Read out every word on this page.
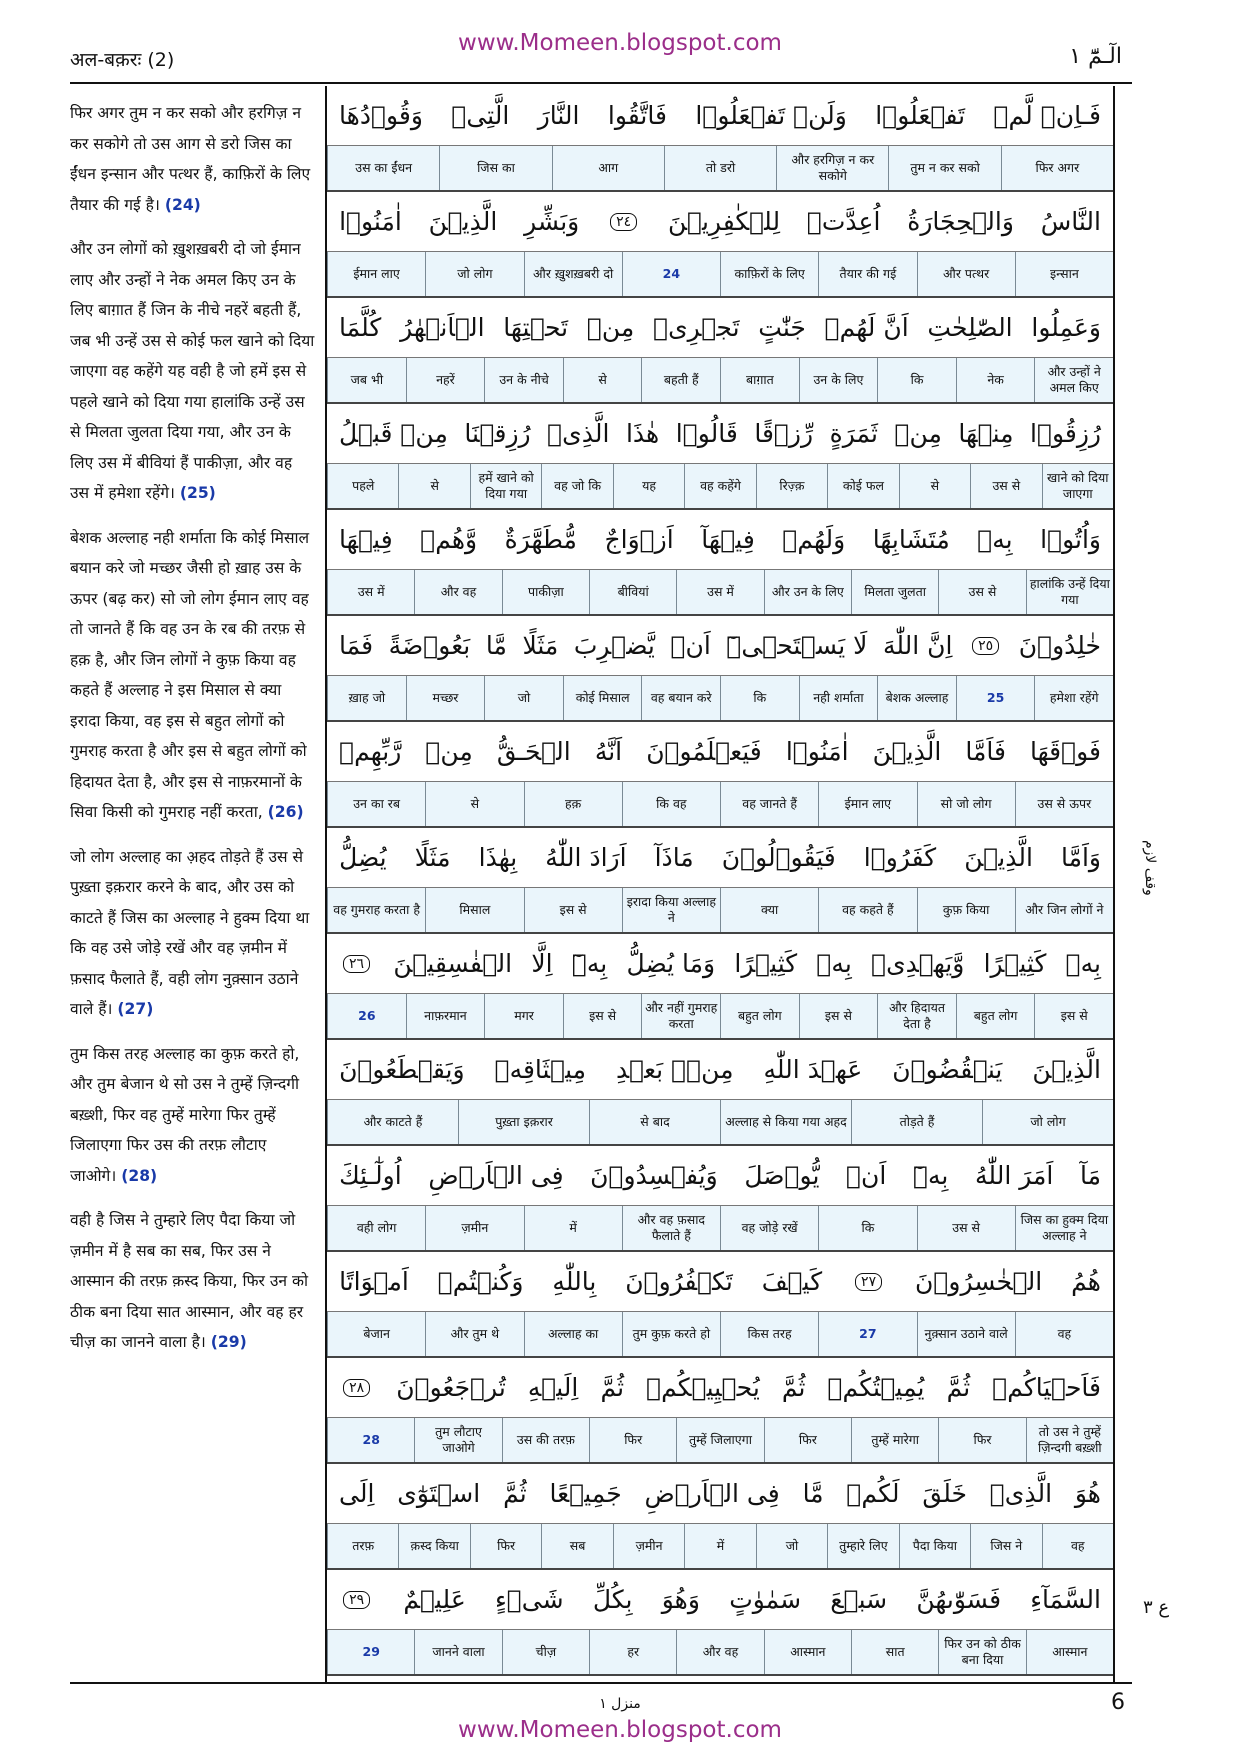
www.Momeen.blogspot.com
अल-बक़रः (2)	الٓـمّٓ ١

फिर अगर तुम न कर सको और हरगिज़ न कर सकोगे तो उस आग से डरो जिस का ईंधन इन्सान और पत्थर हैं, काफ़िरों के लिए तैयार की गई है। (24)

और उन लोगों को ख़ुशख़बरी दो जो ईमान लाए और उन्हों ने नेक अमल किए उन के लिए बाग़ात हैं जिन के नीचे नहरें बहती हैं, जब भी उन्हें उस से कोई फल खाने को दिया जाएगा वह कहेंगे यह वही है जो हमें इस से पहले खाने को दिया गया हालांकि उन्हें उस से मिलता जुलता दिया गया, और उन के लिए उस में बीवियां हैं पाकीज़ा, और वह उस में हमेशा रहेंगे। (25)

बेशक अल्लाह नही शर्माता कि कोई मिसाल बयान करे जो मच्छर जैसी हो ख़ाह उस के ऊपर (बढ़ कर) सो जो लोग ईमान लाए वह तो जानते हैं कि वह उन के रब की तरफ़ से हक़ है, और जिन लोगों ने कुफ़ किया वह कहते हैं अल्लाह ने इस मिसाल से क्या इरादा किया, वह इस से बहुत लोगों को गुमराह करता है और इस से बहुत लोगों को हिदायत देता है, और इस से नाफ़रमानों के सिवा किसी को गुमराह नहीं करता, (26)

जो लोग अल्लाह का अ़हद तोड़ते हैं उस से पुख़्ता इक़रार करने के बाद, और उस को काटते हैं जिस का अल्लाह ने हुक्म दिया था कि वह उसे जोड़े रखें और वह ज़मीन में फ़साद फैलाते हैं, वही लोग नुक़्सान उठाने वाले हैं। (27)

तुम किस तरह अल्लाह का कुफ़ करते हो, और तुम बेजान थे सो उस ने तुम्हें ज़िन्दगी बख़्शी, फिर वह तुम्हें मारेगा फिर तुम्हें जिलाएगा फिर उस की तरफ़ लौटाए जाओगे। (28)

वही है जिस ने तुम्हारे लिए पैदा किया जो ज़मीन में है सब का सब, फिर उस ने आस्मान की तरफ़ क़स्द किया, फिर उन को ठीक बना दिया सात आस्मान, और वह हर चीज़ का जानने वाला है। (29)

فَـاِنۡ لَّمۡ
تَفۡعَلُوۡا
وَلَنۡ تَفۡعَلُوۡا
فَاتَّقُوا
النَّارَ
الَّتِىۡ
وَقُوۡدُهَا
फिर अगर
तुम न कर सको
और हरगिज़ न कर सकोगे
तो डरो
आग
जिस का
उस का ईंधन
النَّاسُ
وَالۡحِجَارَةُ
اُعِدَّتۡ
لِلۡكٰفِرِيۡنَ
٢٤
وَبَشِّرِ
الَّذِيۡنَ
اٰمَنُوۡا
इन्सान
और पत्थर
तैयार की गई
काफ़िरों के लिए
24
और ख़ुशख़बरी दो
जो लोग
ईमान लाए
وَعَمِلُوا
الصّٰلِحٰتِ
اَنَّ لَهُمۡ
جَنّٰتٍ
تَجۡرِىۡ
مِنۡ
تَحۡتِهَا
الۡاَنۡهٰرُ
كُلَّمَا
और उन्हों ने अमल किए
नेक
कि
उन के लिए
बाग़ात
बहती हैं
से
उन के नीचे
नहरें
जब भी
رُزِقُوۡا
مِنۡهَا
مِنۡ
ثَمَرَةٍ
رِّزۡقًا
قَالُوۡا
هٰذَا
الَّذِىۡ
رُزِقۡنَا
مِنۡ قَبۡلُ
खाने को दिया जाएगा
उस से
से
कोई फल
रिज़्क़
वह कहेंगे
यह
वह जो कि
हमें खाने को दिया गया
से
पहले
وَاُتُوۡا
بِهٖ
مُتَشَابِهًا
وَلَهُمۡ
فِيۡهَآ
اَزۡوَاجٌ
مُّطَهَّرَةٌ
وَّهُمۡ
فِيۡهَا
हालांकि उन्हें दिया गया
उस से
मिलता जुलता
और उन के लिए
उस में
बीवियां
पाकीज़ा
और वह
उस में
خٰلِدُوۡنَ
٢٥
اِنَّ اللّٰهَ
لَا يَسۡتَحۡىٖٓ
اَنۡ
يَّضۡرِبَ
مَثَلًا
مَّا
بَعُوۡضَةً
فَمَا
हमेशा रहेंगे
25
बेशक अल्लाह
नही शर्माता
कि
वह बयान करे
कोई मिसाल
जो
मच्छर
ख़ाह जो
فَوۡقَهَا
فَاَمَّا
الَّذِيۡنَ
اٰمَنُوۡا
فَيَعۡلَمُوۡنَ
اَنَّهُ
الۡحَـقُّ
مِنۡ
رَّبِّهِمۡ
उस से ऊपर
सो जो लोग
ईमान लाए
वह जानते हैं
कि वह
हक़
से
उन का रब
وَاَمَّا
الَّذِيۡنَ
كَفَرُوۡا
فَيَقُوۡلُوۡنَ
مَاذَآ
اَرَادَ اللّٰهُ
بِهٰذَا
مَثَلًا
يُضِلُّ
और जिन लोगों ने
कुफ़ किया
वह कहते हैं
क्या
इरादा किया अल्लाह ने
इस से
मिसाल
वह गुमराह करता है
بِهٖ
كَثِيۡرًا
وَّيَهۡدِىۡ
بِهٖ
كَثِيۡرًا
وَمَا يُضِلُّ
بِهٖٓ
اِلَّا
الۡفٰسِقِيۡنَ
٢٦
इस से
बहुत लोग
और हिदायत देता है
इस से
बहुत लोग
और नहीं गुमराह करता
इस से
मगर
नाफ़रमान
26
الَّذِيۡنَ
يَنۡقُضُوۡنَ
عَهۡدَ اللّٰهِ
مِنۡۢ بَعۡدِ
مِيۡثَاقِهٖ
وَيَقۡطَعُوۡنَ
जो लोग
तोड़ते हैं
अल्लाह से किया गया अहद
से बाद
पुख़्ता इक़रार
और काटते हैं
مَآ
اَمَرَ اللّٰهُ
بِهٖٓ
اَنۡ
يُّوۡصَلَ
وَيُفۡسِدُوۡنَ
فِى الۡاَرۡضِ
اُولٰٓـئِكَ
जिस का हुक्म दिया अल्लाह ने
उस से
कि
वह जोड़े रखें
और वह फ़साद फैलाते हैं
में
ज़मीन
वही लोग
هُمُ
الۡخٰسِرُوۡنَ
٢٧
كَيۡفَ
تَكۡفُرُوۡنَ
بِاللّٰهِ
وَكُنۡتُمۡ
اَمۡوَاتًا
वह
नुक़्सान उठाने वाले
27
किस तरह
तुम कुफ़ करते हो
अल्लाह का
और तुम थे
बेजान
فَاَحۡيَاكُمۡ
ثُمَّ
يُمِيۡتُكُمۡ
ثُمَّ
يُحۡيِيۡكُمۡ
ثُمَّ
اِلَيۡهِ
تُرۡجَعُوۡنَ
٢٨
तो उस ने तुम्हें ज़िन्दगी बख़्शी
फिर
तुम्हें मारेगा
फिर
तुम्हें जिलाएगा
फिर
उस की तरफ़
तुम लौटाए जाओगे
28
هُوَ
الَّذِىۡ
خَلَقَ
لَكُمۡ
مَّا
فِى الۡاَرۡضِ
جَمِيۡعًا
ثُمَّ
اسۡتَوٰٓى
اِلَى
वह
जिस ने
पैदा किया
तुम्हारे लिए
जो
में
ज़मीन
सब
फिर
क़स्द किया
तरफ़
السَّمَآءِ
فَسَوّٰٮهُنَّ
سَبۡعَ
سَمٰوٰتٍ
وَهُوَ
بِكُلِّ
شَىۡءٍ
عَلِيۡمٌ
٢٩
आस्मान
फिर उन को ठीक बना दिया
सात
आस्मान
और वह
हर
चीज़
जानने वाला
29
وقف لازم
ع ٣
منزل ١	6
www.Momeen.blogspot.com
